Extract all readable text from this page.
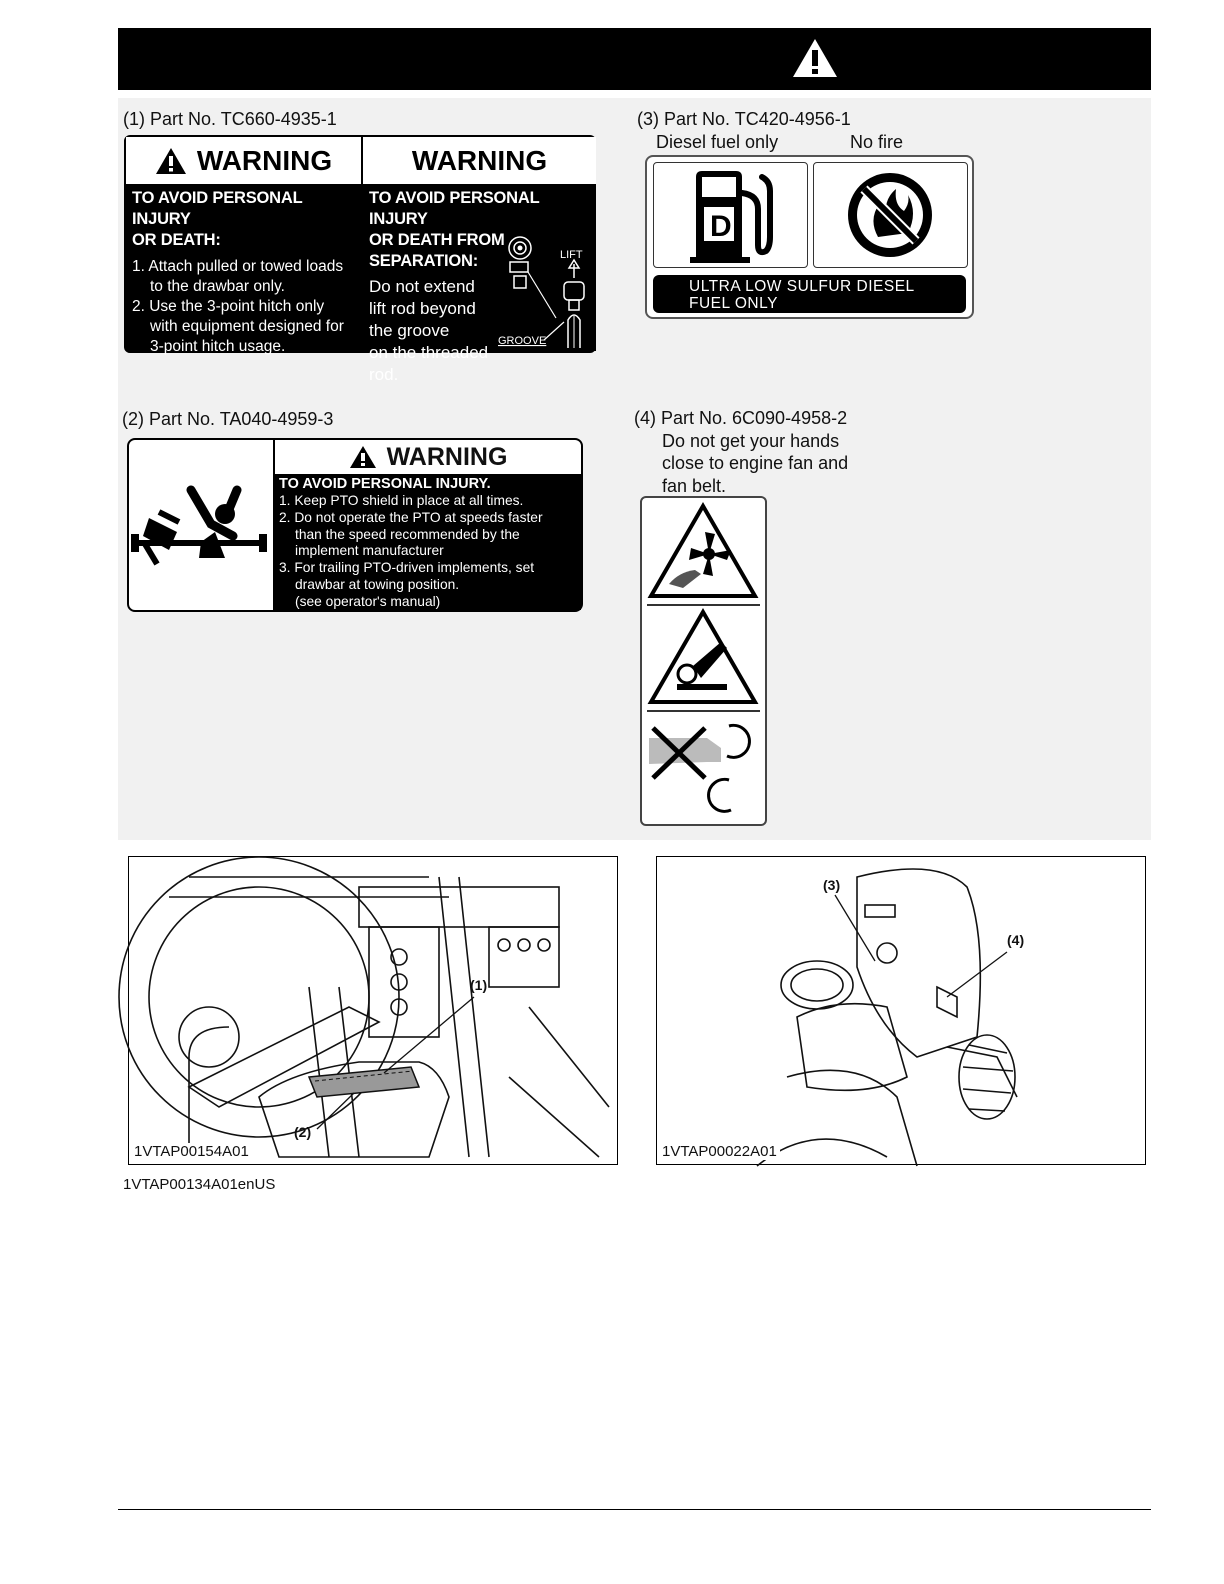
(1) Part No. TC660-4935-1
WARNING
TO AVOID PERSONAL INJURY
OR DEATH:
1. Attach pulled or towed loads
to the drawbar only.
2. Use the 3-point hitch only
with equipment designed for
3-point hitch usage.
WARNING
TO AVOID PERSONAL INJURY
OR DEATH FROM SEPARATION:
Do not extend
lift rod beyond
the groove
on the threaded
rod.
LIFT
GROOVE
(3) Part No. TC420-4956-1
Diesel fuel only	No fire
D
ULTRA LOW SULFUR DIESEL
FUEL ONLY
(2) Part No. TA040-4959-3
WARNING
TO AVOID PERSONAL INJURY.
1. Keep PTO shield in place at all times.
2. Do not operate the PTO at speeds faster
than the speed recommended by the
implement manufacturer
3. For trailing PTO-driven implements, set
drawbar at towing position.
(see operator's manual)
(4) Part No. 6C090-4958-2
Do not get your hands
close to engine fan and
fan belt.
(1)
(2)
1VTAP00154A01
(3)
(4)
1VTAP00022A01
1VTAP00134A01enUS
